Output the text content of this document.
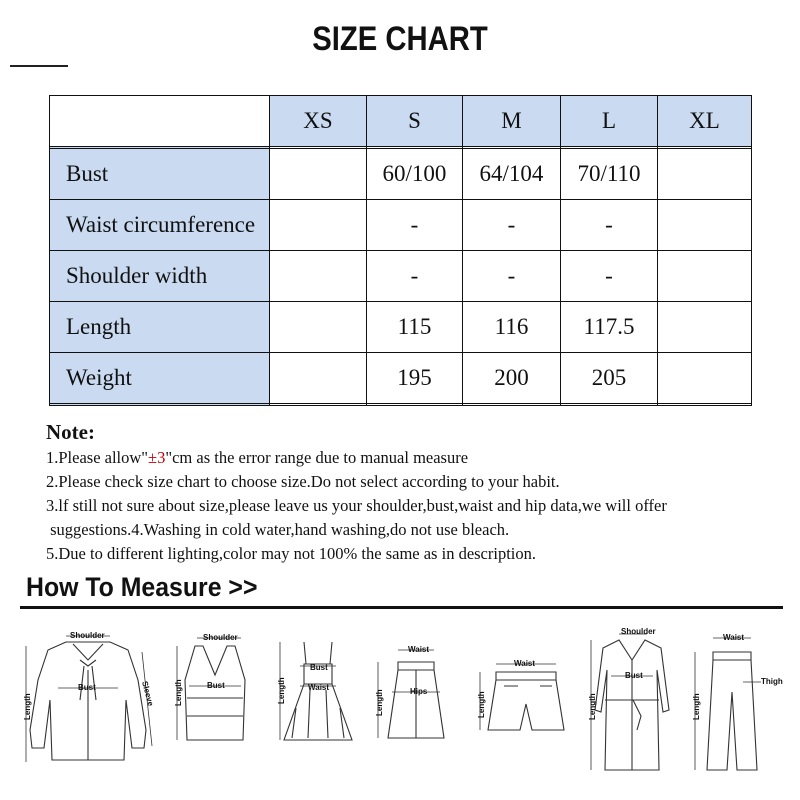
SIZE CHART
	XS	S	M	L	XL

Bust		60/100	64/104	70/110	
Waist circumference		-	-	-	
Shoulder width		-	-	-	
Length		115	116	117.5	
Weight		195	200	205	

Note:
1.Please allow"±3"cm as the error range due to manual measure
2.Please check size chart to choose size.Do not select according to your habit.
3.lf still not sure about size,please leave us your shoulder,bust,waist and hip data,we will offer
suggestions.4.Washing in cold water,hand washing,do not use bleach.
5.Due to different lighting,color may not 100% the same as in description.
How To Measure >>
Shoulder
Bust
Length	Sleeve
Shoulder
Bust
Length
Bust
Waist
Length
Waist
Hips
Length
Waist
Length
Shoulder
Bust
Length
Waist
Thigh
Length
